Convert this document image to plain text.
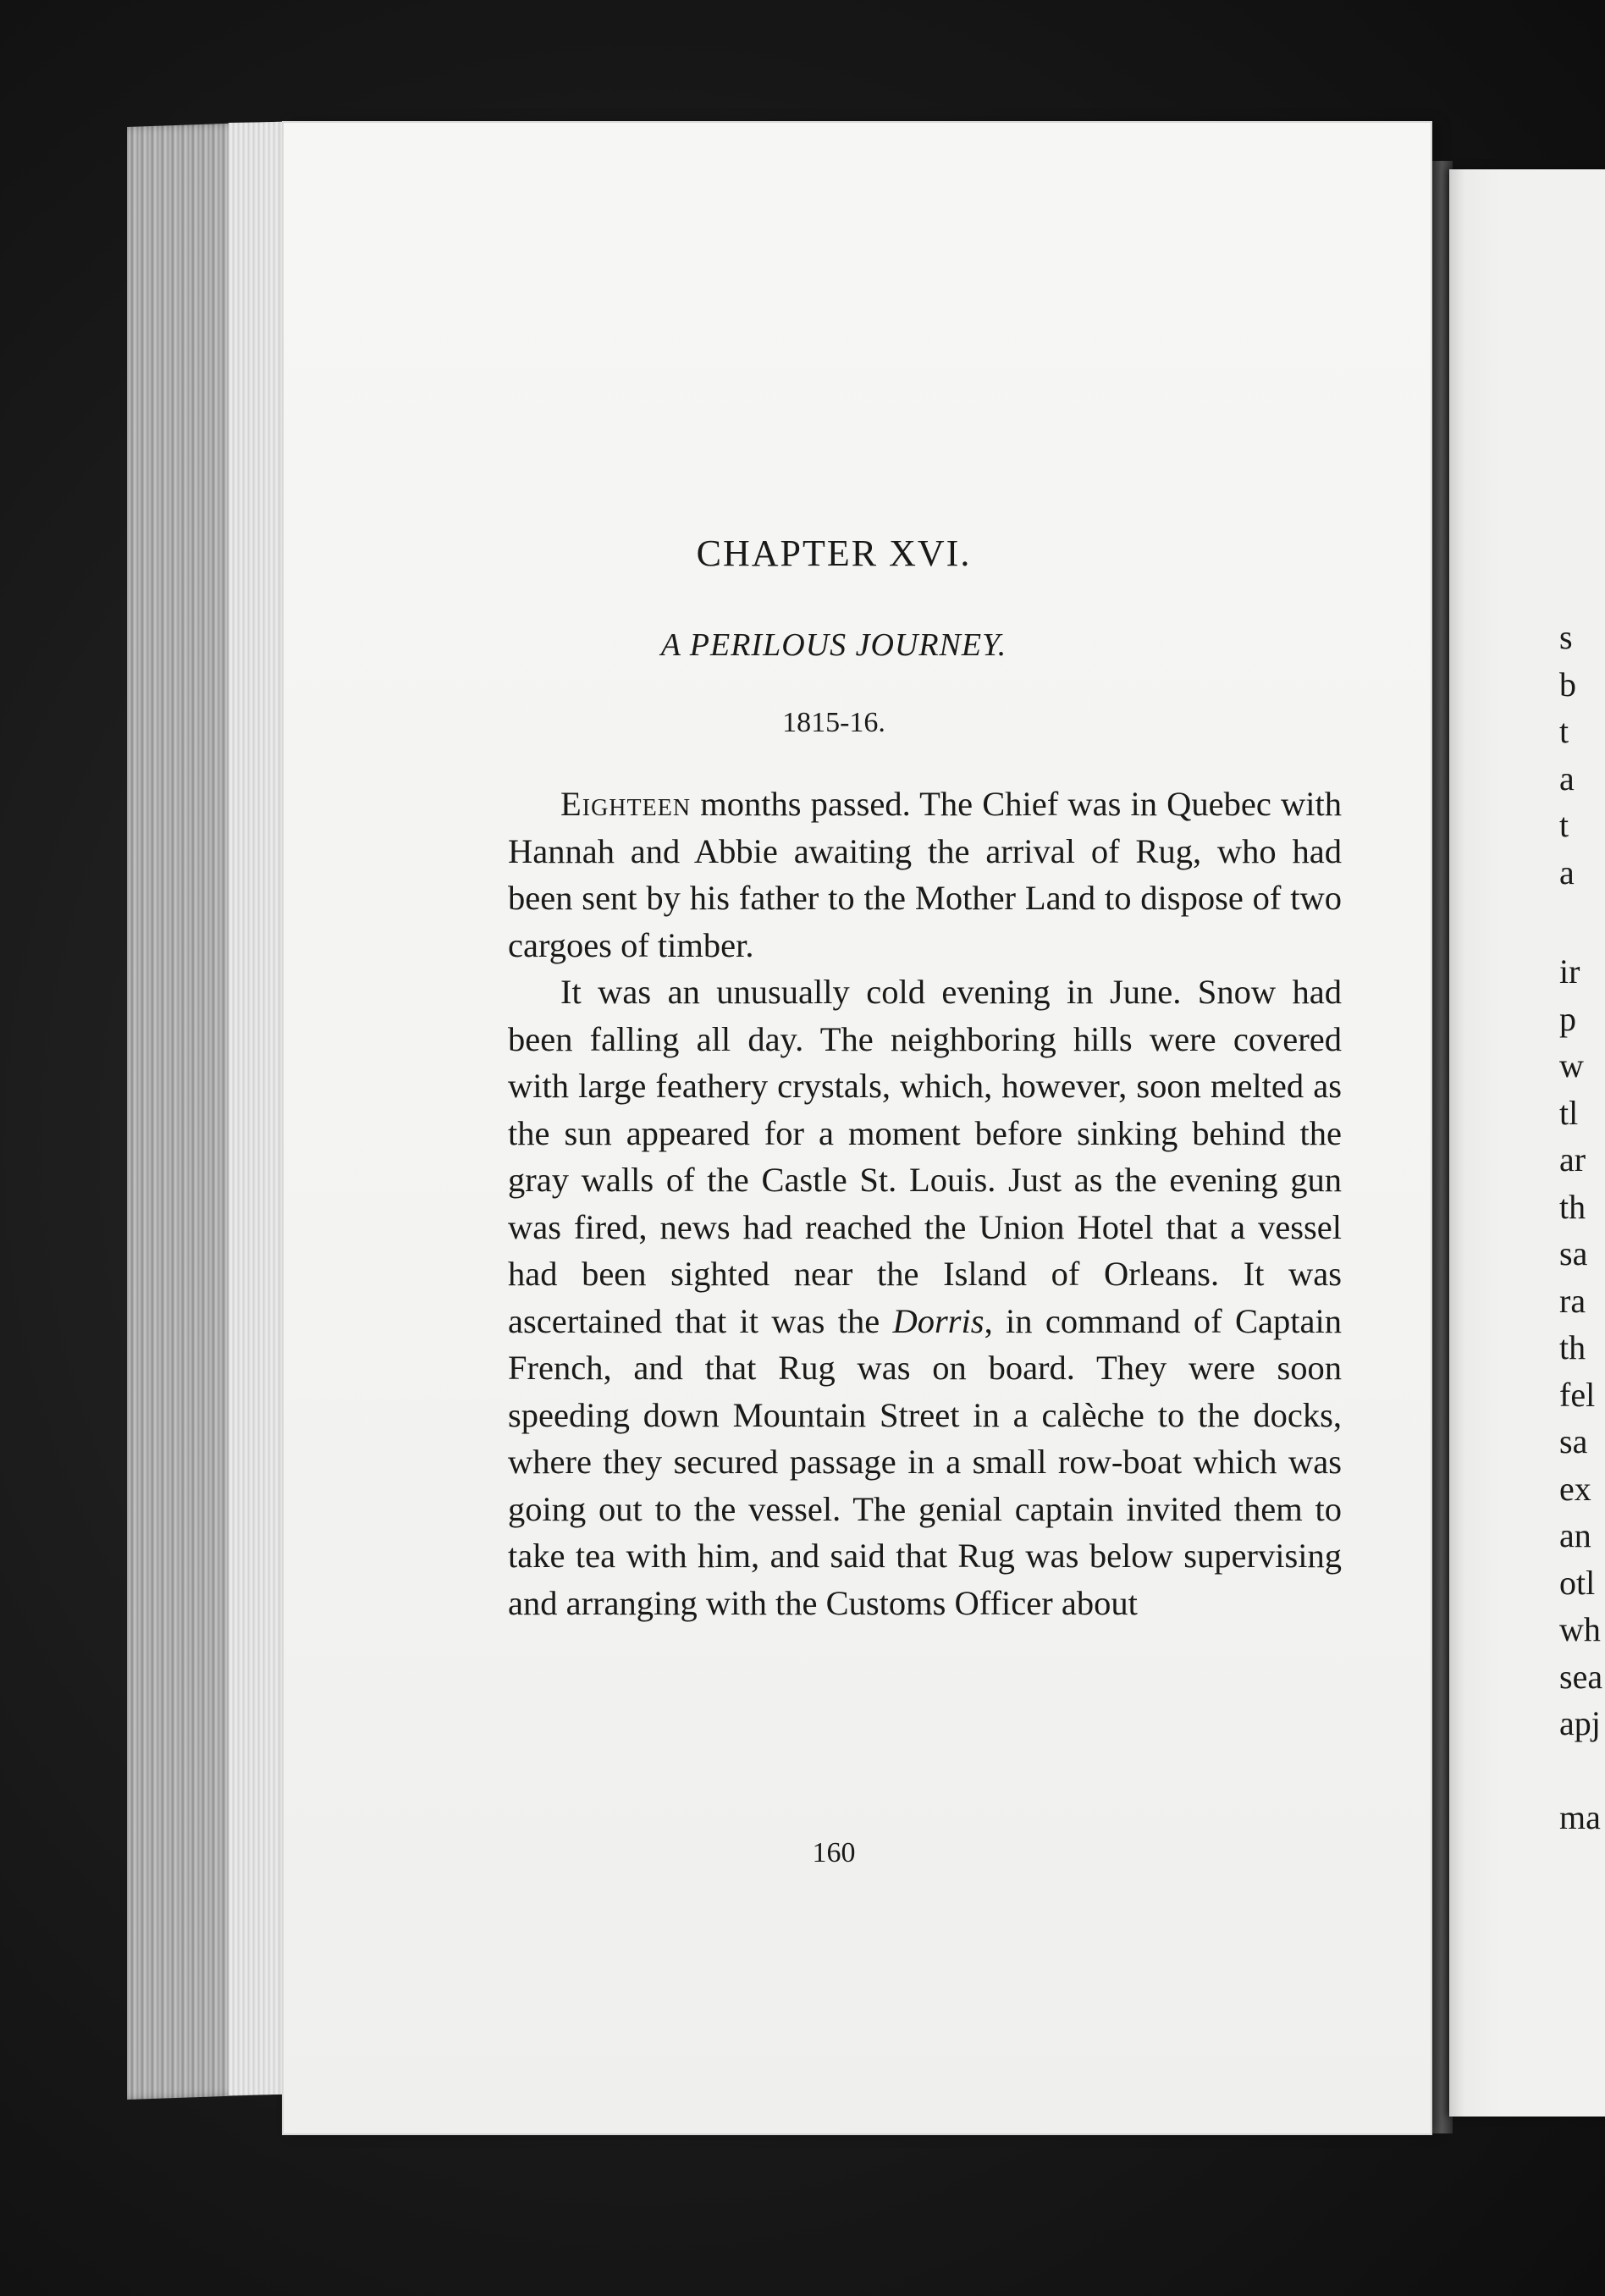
CHAPTER XVI.
A PERILOUS JOURNEY.
1815-16.

Eighteen months passed. The Chief was in Quebec with Hannah and Abbie awaiting the arrival of Rug, who had been sent by his father to the Mother Land to dispose of two cargoes of timber.

It was an unusually cold evening in June. Snow had been falling all day. The neighboring hills were covered with large feathery crystals, which, however, soon melted as the sun appeared for a moment before sinking behind the gray walls of the Castle St. Louis. Just as the evening gun was fired, news had reached the Union Hotel that a vessel had been sighted near the Island of Orleans. It was ascertained that it was the Dorris, in command of Captain French, and that Rug was on board. They were soon speeding down Mountain Street in a calèche to the docks, where they secured passage in a small row-boat which was going out to the vessel. The genial captain invited them to take tea with him, and said that Rug was below supervising and arranging with the Customs Officer about

160
s
b
t
a
t
a
ir
p
w
tl
ar
th
sa
ra
th
fel
sa
ex
an
otl
wh
sea
apj

ma
